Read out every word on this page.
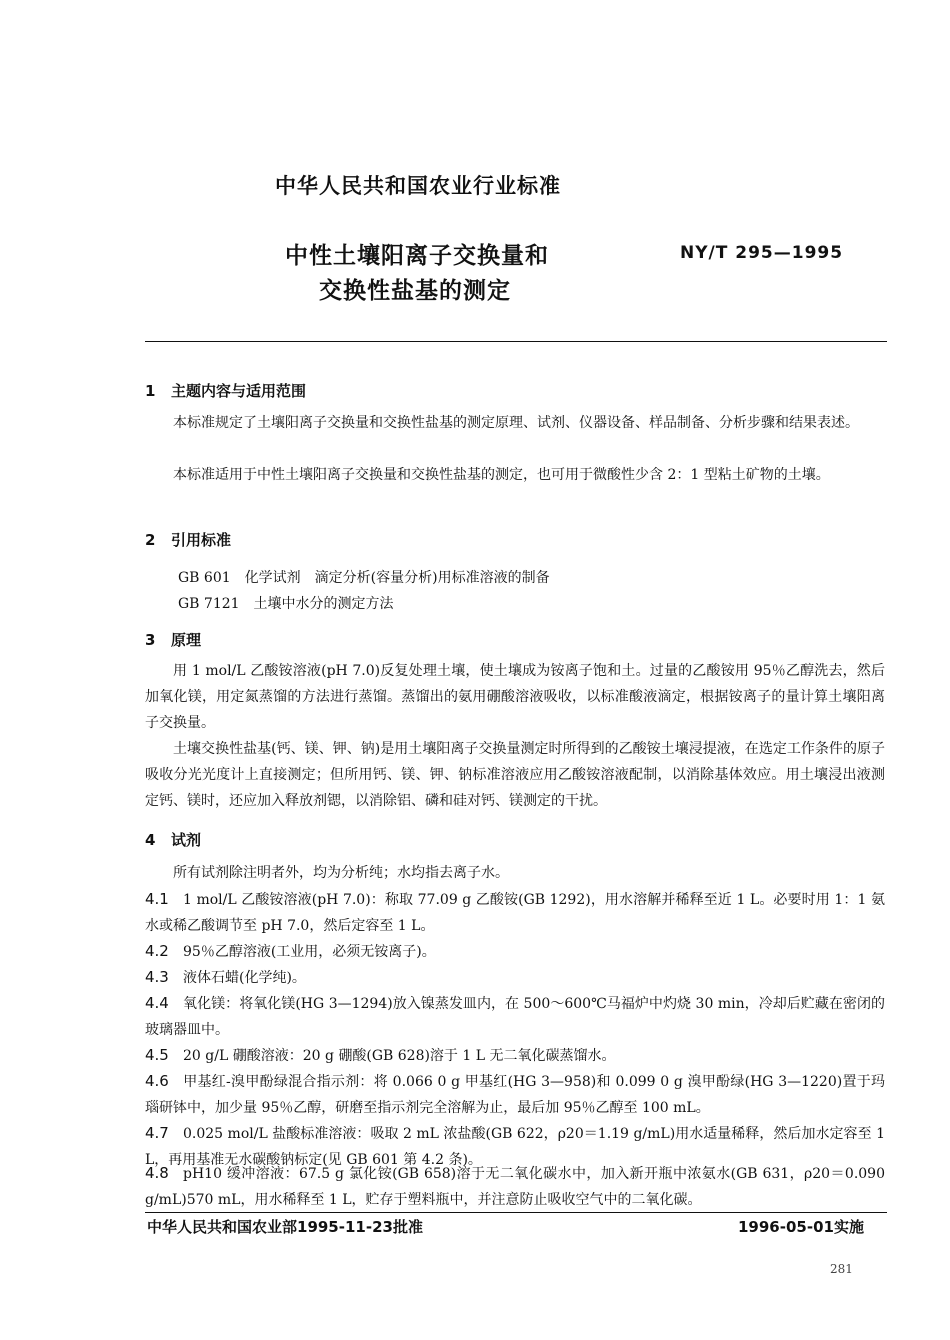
中华人民共和国农业行业标准
中性土壤阳离子交换量和
交换性盐基的测定
NY/T 295—1995
1 主题内容与适用范围

本标准规定了土壤阳离子交换量和交换性盐基的测定原理、试剂、仪器设备、样品制备、分析步骤和结果表述。

本标准适用于中性土壤阳离子交换量和交换性盐基的测定，也可用于微酸性少含 2：1 型粘土矿物的土壤。

2 引用标准
GB 601　化学试剂　滴定分析(容量分析)用标准溶液的制备
GB 7121　土壤中水分的测定方法
3 原理

用 1 mol/L 乙酸铵溶液(pH 7.0)反复处理土壤，使土壤成为铵离子饱和土。过量的乙酸铵用 95％乙醇洗去，然后加氧化镁，用定氮蒸馏的方法进行蒸馏。蒸馏出的氨用硼酸溶液吸收，以标准酸液滴定，根据铵离子的量计算土壤阳离子交换量。

土壤交换性盐基(钙、镁、钾、钠)是用土壤阳离子交换量测定时所得到的乙酸铵土壤浸提液，在选定工作条件的原子吸收分光光度计上直接测定；但所用钙、镁、钾、钠标准溶液应用乙酸铵溶液配制，以消除基体效应。用土壤浸出液测定钙、镁时，还应加入释放剂锶，以消除铝、磷和硅对钙、镁测定的干扰。

4 试剂

所有试剂除注明者外，均为分析纯；水均指去离子水。

4.1 1 mol/L 乙酸铵溶液(pH 7.0)：称取 77.09 g 乙酸铵(GB 1292)，用水溶解并稀释至近 1 L。必要时用 1：1 氨水或稀乙酸调节至 pH 7.0，然后定容至 1 L。

4.2 95％乙醇溶液(工业用，必须无铵离子)。

4.3 液体石蜡(化学纯)。

4.4 氧化镁：将氧化镁(HG 3—1294)放入镍蒸发皿内，在 500～600℃马福炉中灼烧 30 min，冷却后贮藏在密闭的玻璃器皿中。

4.5 20 g/L 硼酸溶液：20 g 硼酸(GB 628)溶于 1 L 无二氧化碳蒸馏水。

4.6 甲基红-溴甲酚绿混合指示剂：将 0.066 0 g 甲基红(HG 3—958)和 0.099 0 g 溴甲酚绿(HG 3—1220)置于玛瑙研钵中，加少量 95％乙醇，研磨至指示剂完全溶解为止，最后加 95％乙醇至 100 mL。

4.7 0.025 mol/L 盐酸标准溶液：吸取 2 mL 浓盐酸(GB 622，ρ20＝1.19 g/mL)用水适量稀释，然后加水定容至 1 L，再用基准无水碳酸钠标定(见 GB 601 第 4.2 条)。

4.8 pH10 缓冲溶液：67.5 g 氯化铵(GB 658)溶于无二氧化碳水中，加入新开瓶中浓氨水(GB 631，ρ20＝0.090 g/mL)570 mL，用水稀释至 1 L，贮存于塑料瓶中，并注意防止吸收空气中的二氧化碳。

中华人民共和国农业部1995-11-23批准	1996-05-01实施
281
